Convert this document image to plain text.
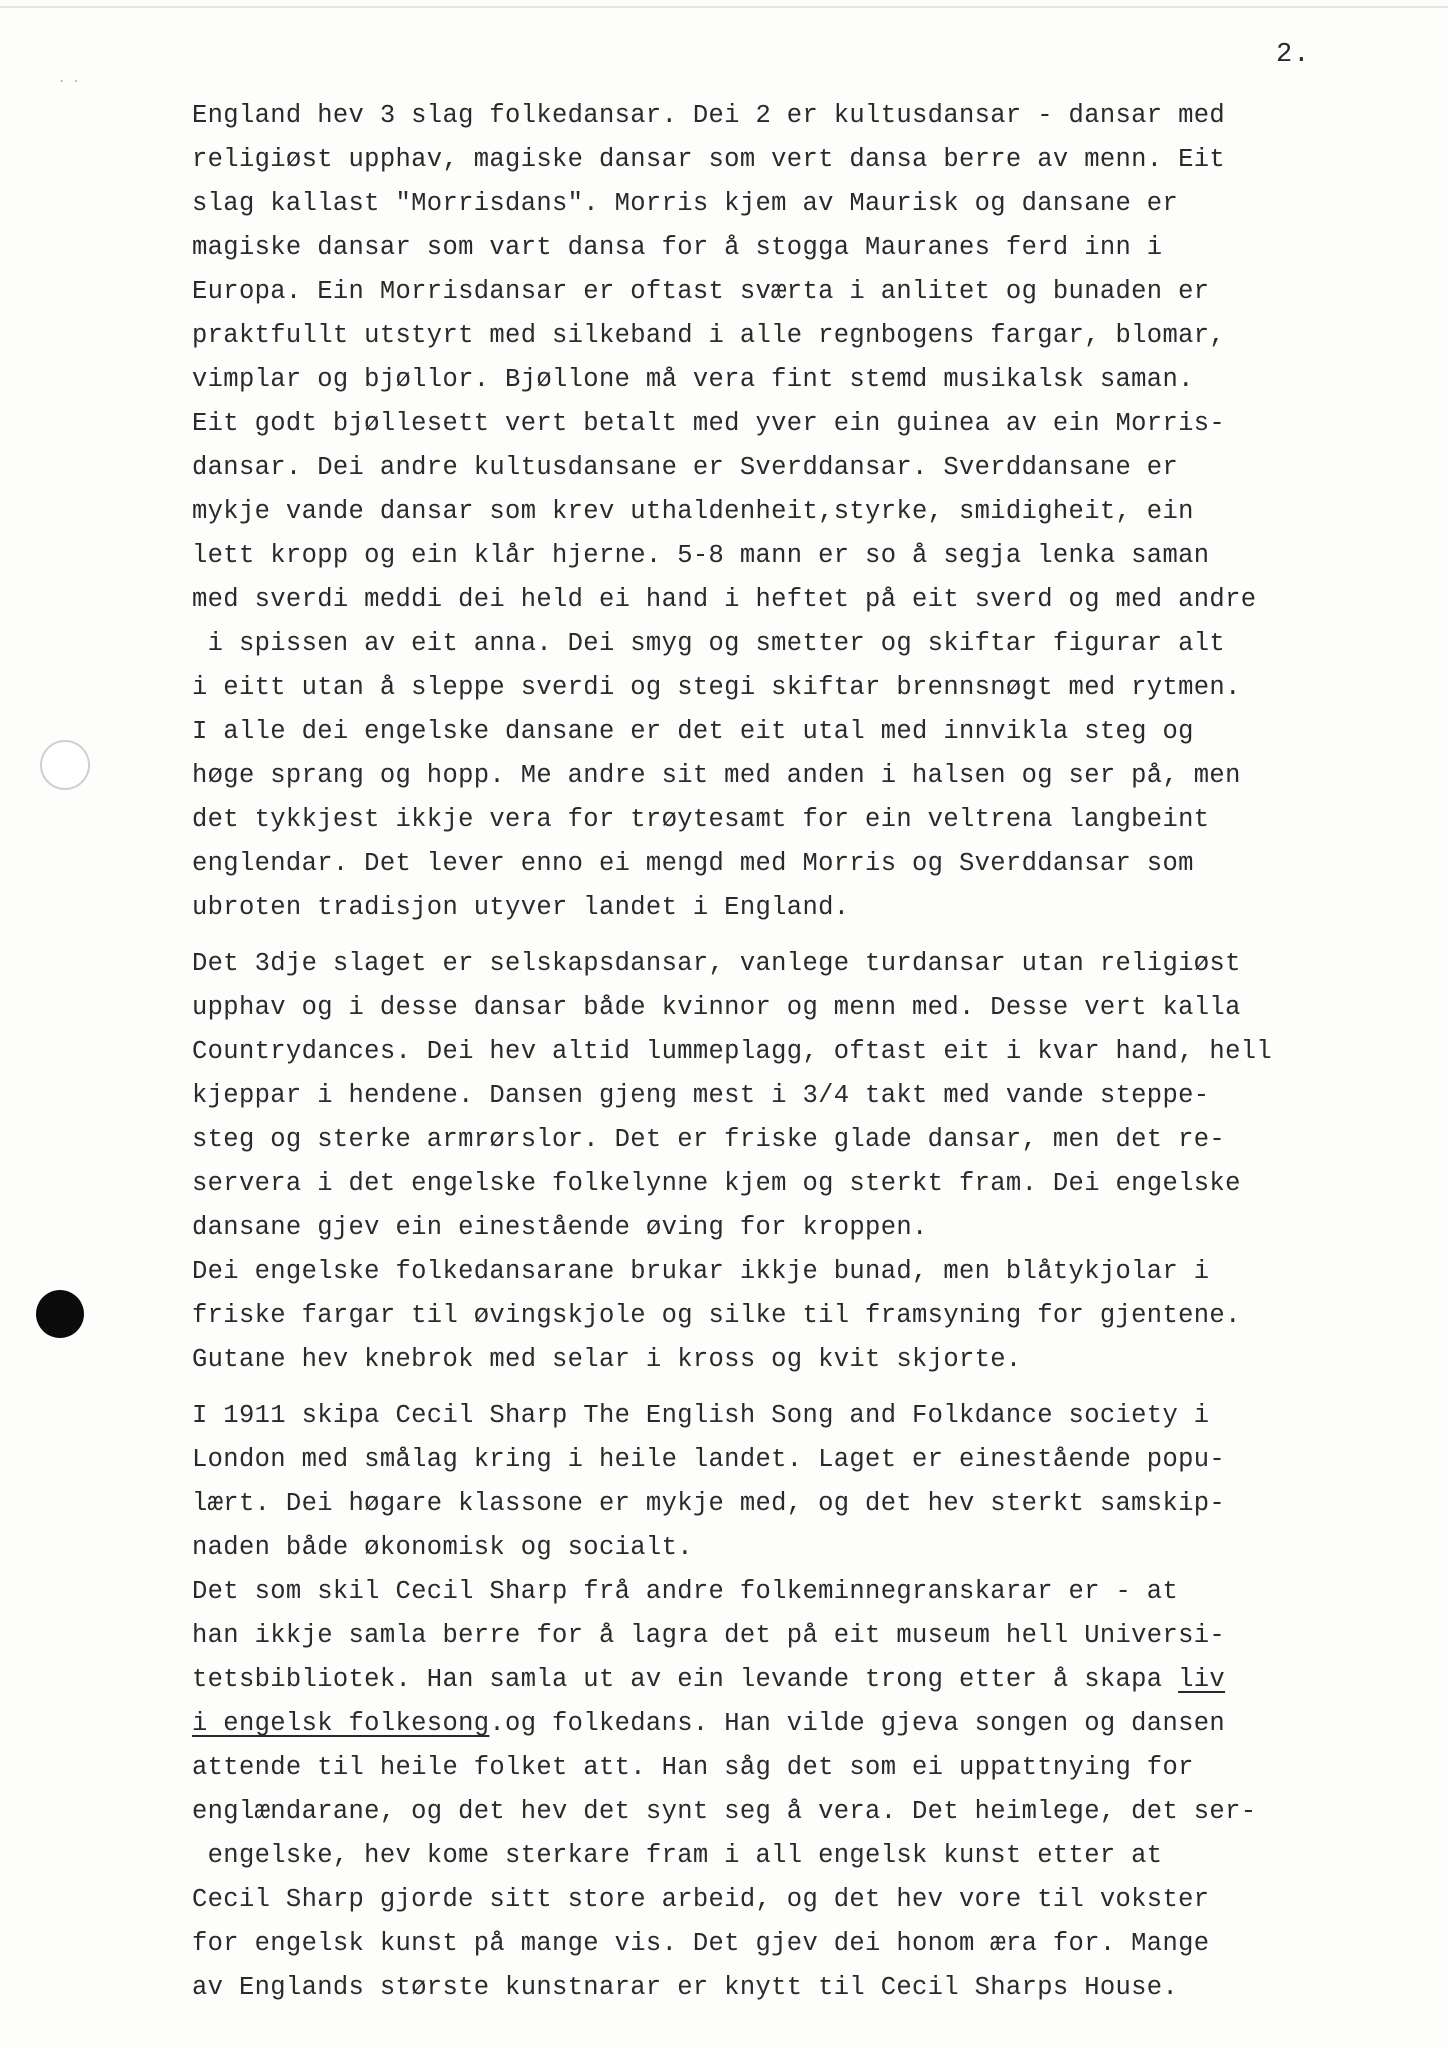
. .
2.
England hev 3 slag folkedansar. Dei 2 er kultusdansar - dansar med
religiøst upphav, magiske dansar som vert dansa berre av menn. Eit
slag kallast "Morrisdans". Morris kjem av Maurisk og dansane er
magiske dansar som vart dansa for å stogga Mauranes ferd inn i
Europa. Ein Morrisdansar er oftast sværta i anlitet og bunaden er
praktfullt utstyrt med silkeband i alle regnbogens fargar, blomar,
vimplar og bjøllor. Bjøllone må vera fint stemd musikalsk saman.
Eit godt bjøllesett vert betalt med yver ein guinea av ein Morris-
dansar. Dei andre kultusdansane er Sverddansar. Sverddansane er
mykje vande dansar som krev uthaldenheit,styrke, smidigheit, ein
lett kropp og ein klår hjerne. 5-8 mann er so å segja lenka saman
med sverdi meddi dei held ei hand i heftet på eit sverd og med andre
i spissen av eit anna. Dei smyg og smetter og skiftar figurar alt
i eitt utan å sleppe sverdi og stegi skiftar brennsnøgt med rytmen.
I alle dei engelske dansane er det eit utal med innvikla steg og
høge sprang og hopp. Me andre sit med anden i halsen og ser på, men
det tykkjest ikkje vera for trøytesamt for ein veltrena langbeint
englendar. Det lever enno ei mengd med Morris og Sverddansar som
ubroten tradisjon utyver landet i England.
Det 3dje slaget er selskapsdansar, vanlege turdansar utan religiøst
upphav og i desse dansar både kvinnor og menn med. Desse vert kalla
Countrydances. Dei hev altid lummeplagg, oftast eit i kvar hand, hell
kjeppar i hendene. Dansen gjeng mest i 3/4 takt med vande steppe-
steg og sterke armrørslor. Det er friske glade dansar, men det re-
servera i det engelske folkelynne kjem og sterkt fram. Dei engelske
dansane gjev ein einestående øving for kroppen.
Dei engelske folkedansarane brukar ikkje bunad, men blåtykjolar i
friske fargar til øvingskjole og silke til framsyning for gjentene.
Gutane hev knebrok med selar i kross og kvit skjorte.
I 1911 skipa Cecil Sharp The English Song and Folkdance society i
London med smålag kring i heile landet. Laget er einestående popu-
lært. Dei høgare klassone er mykje med, og det hev sterkt samskip-
naden både økonomisk og socialt.
Det som skil Cecil Sharp frå andre folkeminnegranskarar er - at
han ikkje samla berre for å lagra det på eit museum hell Universi-
tetsbibliotek. Han samla ut av ein levande trong etter å skapa liv
i engelsk folkesong.og folkedans. Han vilde gjeva songen og dansen
attende til heile folket att. Han såg det som ei uppattnying for
englændarane, og det hev det synt seg å vera. Det heimlege, det ser-
engelske, hev kome sterkare fram i all engelsk kunst etter at
Cecil Sharp gjorde sitt store arbeid, og det hev vore til vokster
for engelsk kunst på mange vis. Det gjev dei honom æra for. Mange
av Englands største kunstnarar er knytt til Cecil Sharps House.
